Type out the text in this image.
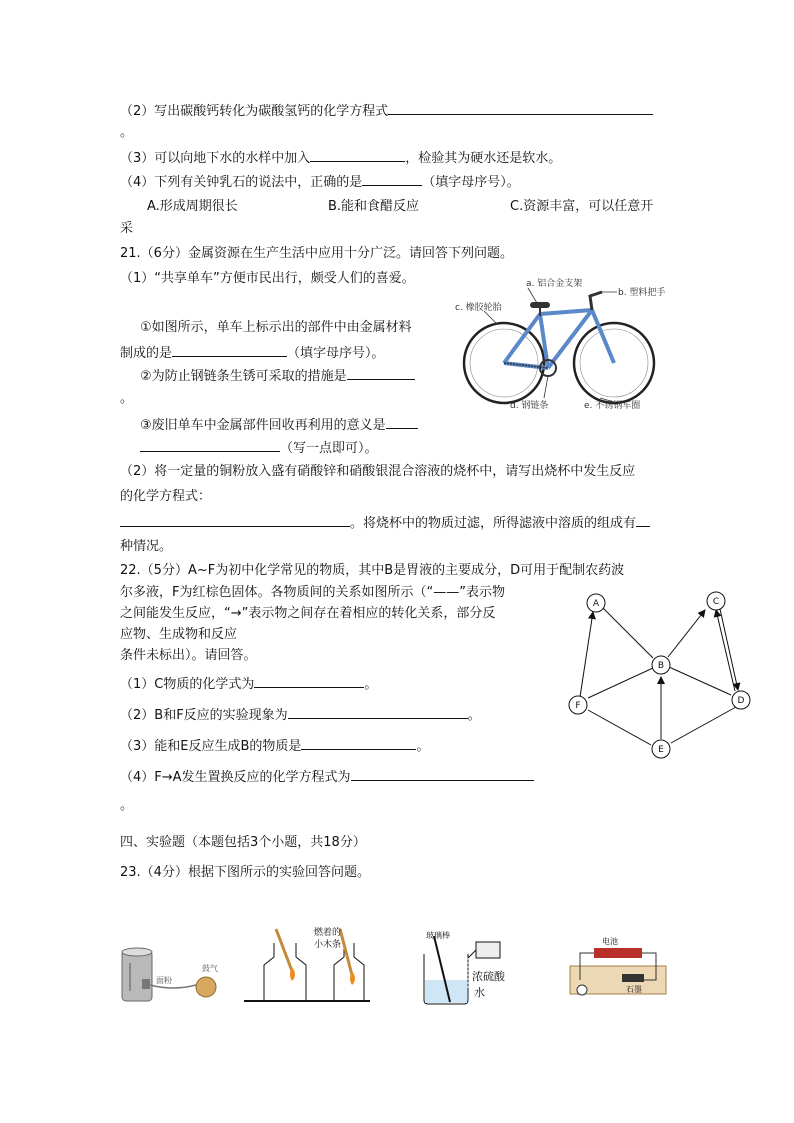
（2）写出碳酸钙转化为碳酸氢钙的化学方程式
。
（3）可以向地下水的水样中加入	，检验其为硬水还是软水。
（4）下列有关钟乳石的说法中，正确的是	（填字母序号）。
A.形成周期很长	B.能和食醋反应	C.资源丰富，可以任意开
采
21.（6分）金属资源在生产生活中应用十分广泛。请回答下列问题。
（1）“共享单车”方便市民出行，颇受人们的喜爱。
①如图所示，单车上标示出的部件中由金属材料
制成的是	（填字母序号）。
②为防止钢链条生锈可采取的措施是
。
③废旧单车中金属部件回收再利用的意义是
（写一点即可）。
（2）将一定量的铜粉放入盛有硝酸锌和硝酸银混合溶液的烧杯中，请写出烧杯中发生反应
的化学方程式：
。将烧杯中的物质过滤，所得滤液中溶质的组成有
种情况。
22.（5分）A~F为初中化学常见的物质，其中B是胃液的主要成分，D可用于配制农药波
尔多液，F为红棕色固体。各物质间的关系如图所示（“——”表示物
之间能发生反应，“→”表示物之间存在着相应的转化关系，部分反
应物、生成物和反应
条件未标出）。请回答。
（1）C物质的化学式为	。
（2）B和F反应的实验现象为	。
（3）能和E反应生成B的物质是	。
（4）F→A发生置换反应的化学方程式为
。
四、实验题（本题包括3个小题，共18分）
23.（4分）根据下图所示的实验回答问题。
a. 铝合金支架
b. 塑料把手
c. 橡胶轮胎
d. 钢链条	e. 不锈钢车圈
A	C
B
F	D
E
面粉
鼓气
燃着的
小木条
玻璃棒
浓硫酸
水
电池
石墨
